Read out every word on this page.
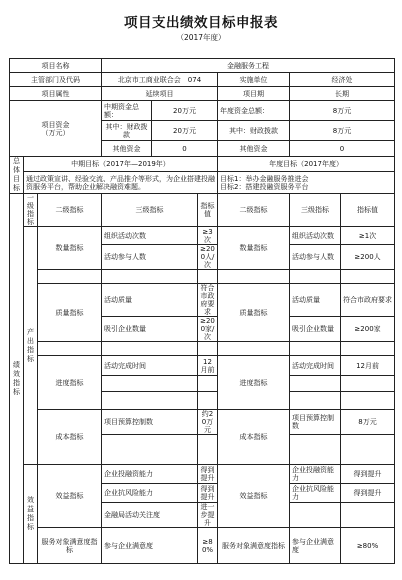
项目支出绩效目标申报表
（2017年度）
项目名称			金融服务工程					
主管部门及代码			北京市工商业联合会　074			实施单位	经济处	
项目属性			延续项目			项目期	长期	
项目资金
（万元）			中期资金总额：	20万元		年度资金总额：	8万元	
			其中：财政拨款	20万元		其中：财政拨款	8万元	
			其他资金	0		其他资金	0	
总体目标	中期目标（2017年—2019年）					年度目标（2017年度）		
	通过政策宣讲、经验交流、产品推介等形式，为企业搭建投融资服务平台，帮助企业解决融资难题。					目标1：举办金融服务推进会
目标2：搭建投融资服务平台		
绩效指标	一级指标	二级指标	三级指标		指标值	二级指标	三级指标	指标值
	产出指标	数量指标	组织活动次数		≥3次	数量指标	组织活动次数	≥1次
			活动参与人数		≥200人/次		活动参与人数	≥200人

		质量指标	活动质量		符合市政府要求	质量指标	活动质量	符合市政府要求
			吸引企业数量		≥200家/次		吸引企业数量	≥200家

		进度指标	活动完成时间		12月前	进度指标	活动完成时间	12月前

		成本指标	项目预算控制数		约20万元	成本指标	项目预算控制数	8万元

	效益指标	效益指标	企业投融资能力		得到提升	效益指标	企业投融资能力	得到提升
			企业抗风险能力		得到提升		企业抗风险能力	得到提升
			金融局活动关注度		进一步提升			
		服务对象满意度指标	参与企业满意度		≥80%	服务对象满意度指标	参与企业满意度	≥80%
